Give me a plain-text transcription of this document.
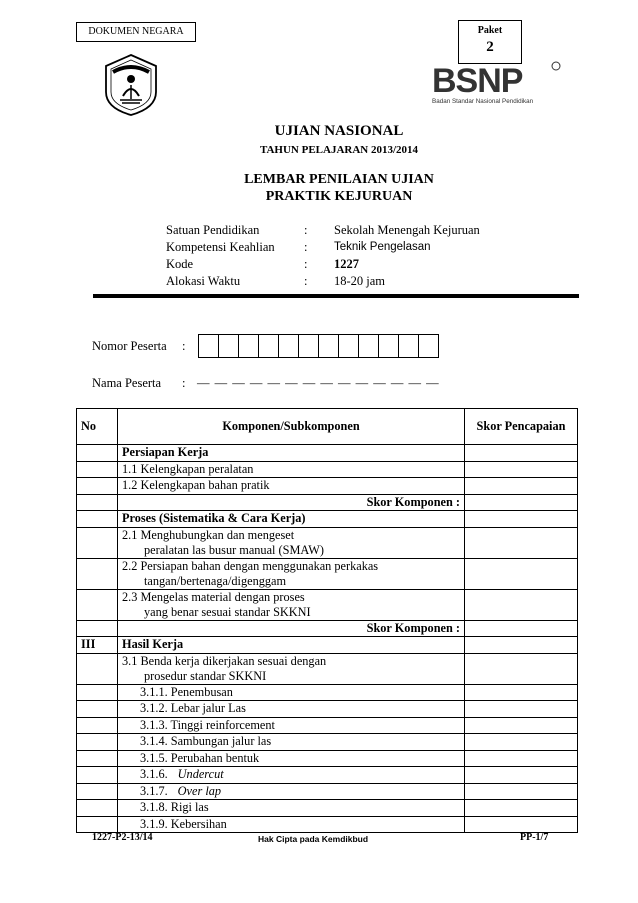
DOKUMEN NEGARA	Paket
2
BSNP
Badan Standar Nasional Pendidikan
UJIAN NASIONAL
TAHUN PELAJARAN 2013/2014
LEMBAR PENILAIAN UJIAN
PRAKTIK KEJURUAN
Satuan Pendidikan	:	Sekolah Menengah Kejuruan
Kompetensi Keahlian	:	Teknik Pengelasan
Kode	:	1227
Alokasi Waktu	:	18-20 jam
Nomor Peserta :
Nama Peserta : — — — — — — — — — — — — — —
No	Komponen/Subkomponen	Skor Pencapaian
	Persiapan Kerja	
	1.1 Kelengkapan peralatan	
	1.2 Kelengkapan bahan pratik	
	Skor Komponen :	
	Proses (Sistematika & Cara Kerja)	
	2.1 Menghubungkan dan mengeset
peralatan las busur manual (SMAW)	
	2.2 Persiapan bahan dengan menggunakan perkakas
tangan/bertenaga/digenggam	
	2.3 Mengelas material dengan proses
yang benar sesuai standar SKKNI	
	Skor Komponen :	
III	Hasil Kerja	
	3.1 Benda kerja dikerjakan sesuai dengan
prosedur standar SKKNI	
	3.1.1. Penembusan	
	3.1.2. Lebar jalur Las	
	3.1.3. Tinggi reinforcement	
	3.1.4. Sambungan jalur las	
	3.1.5. Perubahan bentuk	
	3.1.6. Undercut	
	3.1.7. Over lap	
	3.1.8. Rigi las	
	3.1.9. Kebersihan	
1227-P2-13/14	Hak Cipta pada Kemdikbud	PP-1/7
